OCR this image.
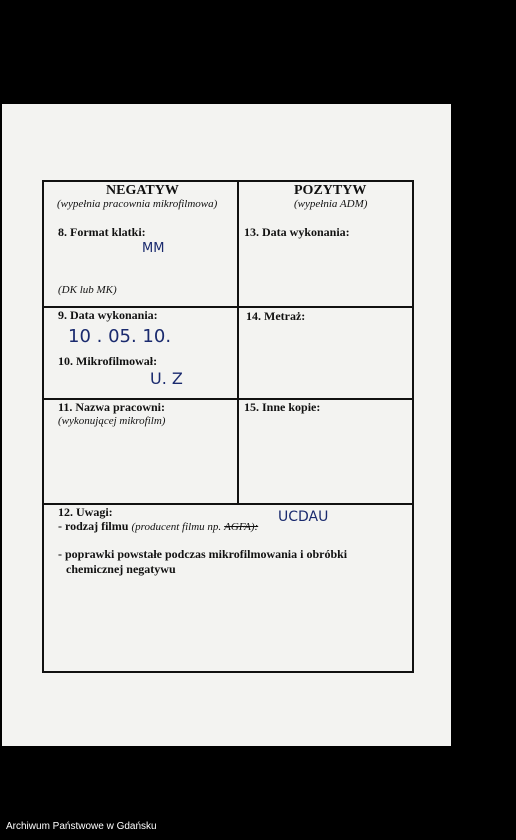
NEGATYW
(wypełnia pracownia mikrofilmowa)
8. Format klatki:
MM
(DK lub MK)
9. Data wykonania:
10 . 05. 10.
10. Mikrofilmował:
U. Z
11. Nazwa pracowni:
(wykonującej mikrofilm)
POZYTYW
(wypełnia ADM)
13. Data wykonania:
14. Metraż:
15. Inne kopie:
12. Uwagi:
- rodzaj filmu (producent filmu np. AGFA):
UCDAU
- poprawki powstałe podczas mikrofilmowania i obróbki
chemicznej negatywu
Archiwum Państwowe w Gdańsku
